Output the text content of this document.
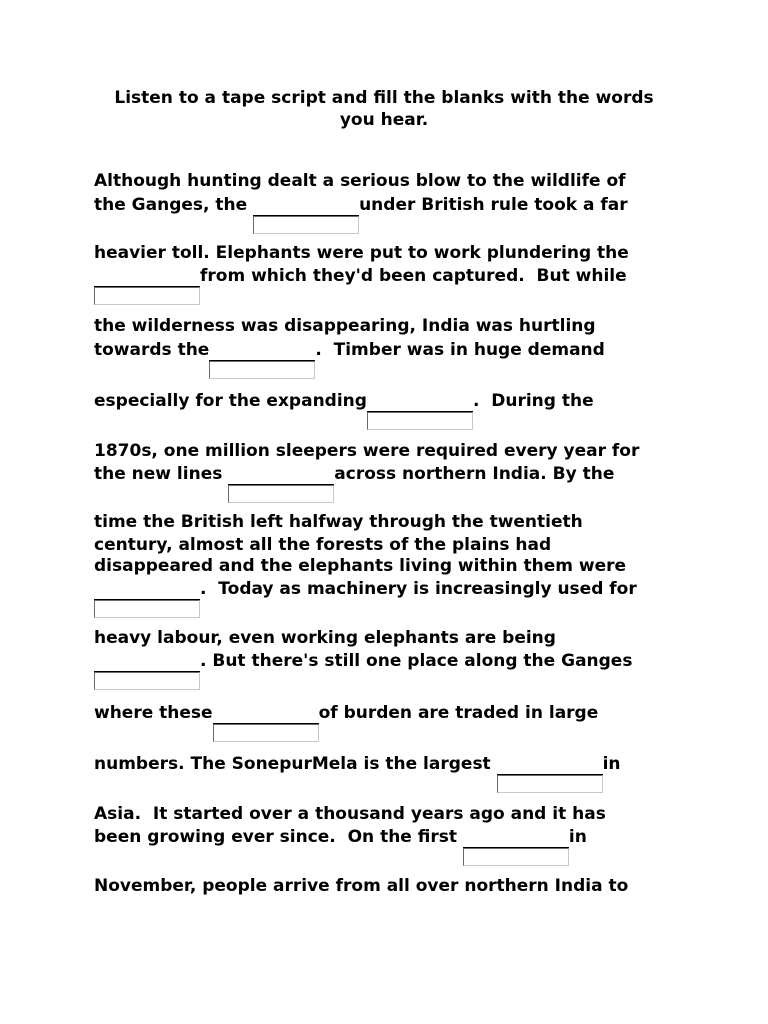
Listen to a tape script and fill the blanks with the words
you hear.

Although hunting dealt a serious blow to the wildlife of

the Ganges, the	under British rule took a far

heavier toll. Elephants were put to work plundering the

from which they'd been captured.  But while

the wilderness was disappearing, India was hurtling

towards the	.  Timber was in huge demand

especially for the expanding	.  During the

1870s, one million sleepers were required every year for

the new lines	across northern India. By the

time the British left halfway through the twentieth

century, almost all the forests of the plains had

disappeared and the elephants living within them were

.  Today as machinery is increasingly used for

heavy labour, even working elephants are being

. But there's still one place along the Ganges

where these	of burden are traded in large

numbers. The SonepurMela is the largest	in

Asia.  It started over a thousand years ago and it has

been growing ever since.  On the first	in

November, people arrive from all over northern India to
